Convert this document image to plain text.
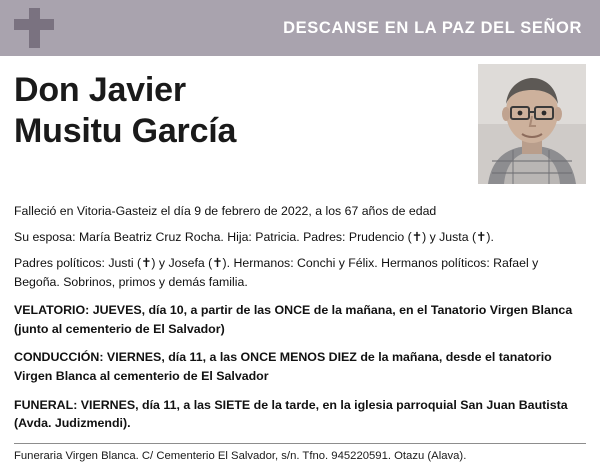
DESCANSE EN LA PAZ DEL SEÑOR
Don Javier
Musitu García

Falleció en Vitoria-Gasteiz el día 9 de febrero de 2022, a los 67 años de edad

Su esposa: María Beatriz Cruz Rocha. Hija: Patricia. Padres: Prudencio (✝) y Justa (✝).

Padres políticos: Justi (✝) y Josefa (✝). Hermanos: Conchi y Félix. Hermanos políticos: Rafael y Begoña. Sobrinos, primos y demás familia.

VELATORIO: JUEVES, día 10, a partir de las ONCE de la mañana, en el Tanatorio Virgen Blanca (junto al cementerio de El Salvador)

CONDUCCIÓN: VIERNES, día 11, a las ONCE MENOS DIEZ de la mañana, desde el tanatorio Virgen Blanca al cementerio de El Salvador

FUNERAL: VIERNES, día 11, a las SIETE de la tarde, en la iglesia parroquial San Juan Bautista (Avda. Judizmendi).

Funeraria Virgen Blanca. C/ Cementerio El Salvador, s/n. Tfno. 945220591. Otazu (Alava).
